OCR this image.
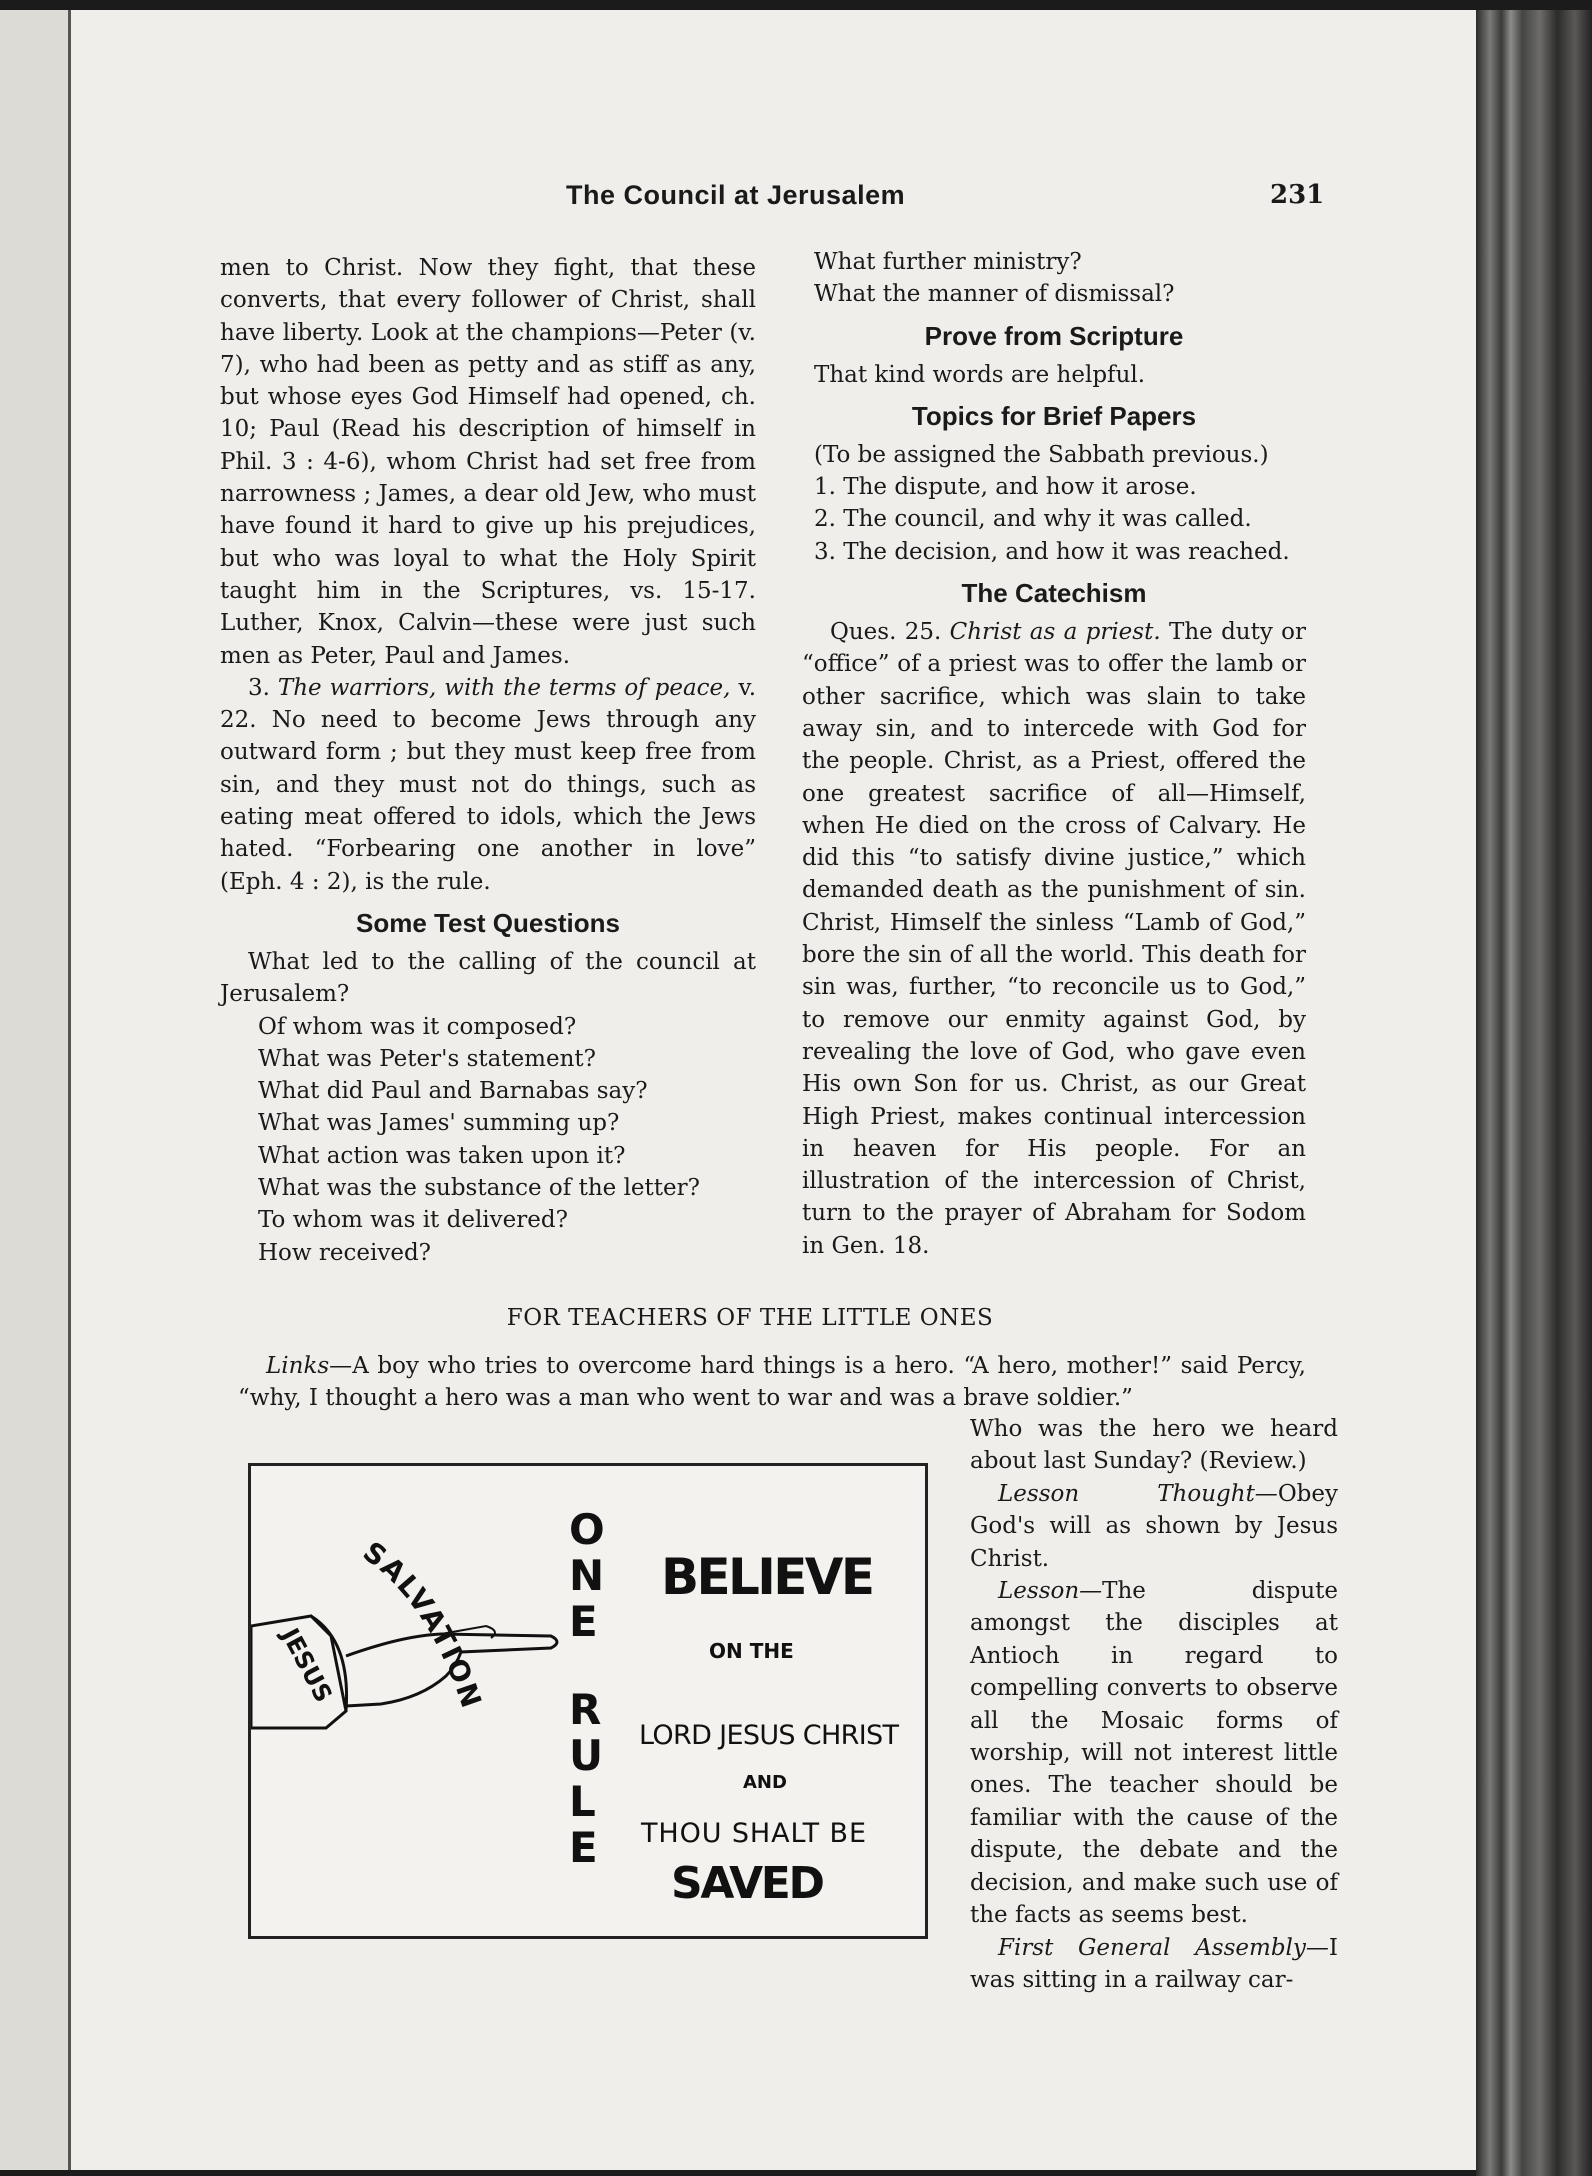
The Council at Jerusalem	231

men to Christ. Now they fight, that these converts, that every follower of Christ, shall have liberty. Look at the champions—Peter (v. 7), who had been as petty and as stiff as any, but whose eyes God Himself had opened, ch. 10; Paul (Read his description of himself in Phil. 3 : 4-6), whom Christ had set free from narrowness ; James, a dear old Jew, who must have found it hard to give up his prejudices, but who was loyal to what the Holy Spirit taught him in the Scriptures, vs. 15-17. Luther, Knox, Calvin—these were just such men as Peter, Paul and James.

3. The warriors, with the terms of peace, v. 22. No need to become Jews through any outward form ; but they must keep free from sin, and they must not do things, such as eating meat offered to idols, which the Jews hated. “Forbearing one another in love” (Eph. 4 : 2), is the rule.

Some Test Questions

What led to the calling of the council at Jerusalem?

Of whom was it composed?
What was Peter's statement?
What did Paul and Barnabas say?
What was James' summing up?
What action was taken upon it?
What was the substance of the letter?
To whom was it delivered?
How received?
What further ministry?
What the manner of dismissal?
Prove from Scripture
That kind words are helpful.
Topics for Brief Papers
(To be assigned the Sabbath previous.)
1. The dispute, and how it arose.
2. The council, and why it was called.
3. The decision, and how it was reached.
The Catechism

Ques. 25. Christ as a priest. The duty or “office” of a priest was to offer the lamb or other sacrifice, which was slain to take away sin, and to intercede with God for the people. Christ, as a Priest, offered the one greatest sacrifice of all—Himself, when He died on the cross of Calvary. He did this “to satisfy divine justice,” which demanded death as the punishment of sin. Christ, Himself the sinless “Lamb of God,” bore the sin of all the world. This death for sin was, further, “to reconcile us to God,” to remove our enmity against God, by revealing the love of God, who gave even His own Son for us. Christ, as our Great High Priest, makes continual intercession in heaven for His people. For an illustration of the intercession of Christ, turn to the prayer of Abraham for Sodom in Gen. 18.

FOR TEACHERS OF THE LITTLE ONES

Links—A boy who tries to overcome hard things is a hero. “A hero, mother!” said Percy, “why, I thought a hero was a man who went to war and was a brave soldier.”

Who was the hero we heard about last Sunday? (Review.)

Lesson Thought—Obey God's will as shown by Jesus Christ.

Lesson—The dispute amongst the disciples at Antioch in regard to compelling converts to observe all the Mosaic forms of worship, will not interest little ones. The teacher should be familiar with the cause of the dispute, the debate and the decision, and make such use of the facts as seems best.

First General Assembly—I was sitting in a railway car-

JESUS
SALVATION
O
N
E
R
U
L
E
BELIEVE
ON THE
LORD JESUS CHRIST
AND
THOU SHALT BE
SAVED
